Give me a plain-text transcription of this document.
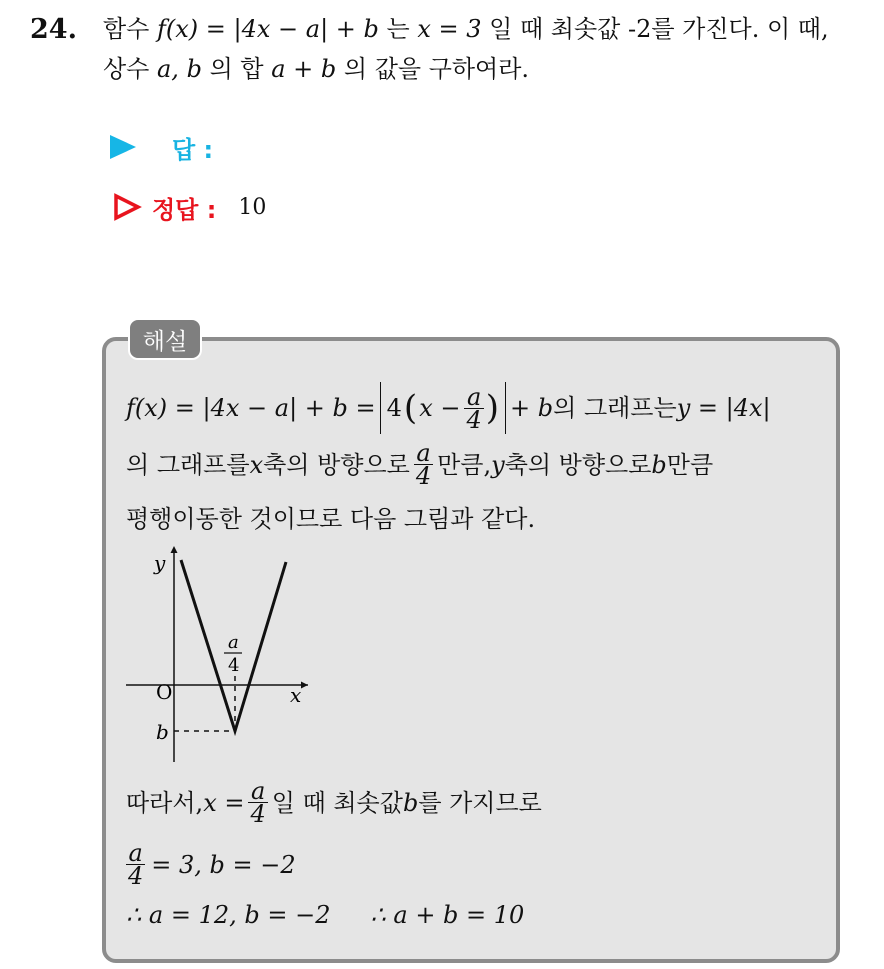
24. 함수 f(x) = |4x − a| + b 는 x = 3 일 때 최솟값 -2를 가진다. 이 때,
상수 a, b 의 합 a + b 의 값을 구하여라.
답 :
정답 : 10
해설
f(x) = |4x − a| + b = 4 ( $x - \frac{a}{4}$ ) + b 의 그래프는 y = |4x|
의 그래프를 x 축의 방향으로 $\frac{a}{4}$ 만큼, y 축의 방향으로 b 만큼
평행이동한 것이므로 다음 그림과 같다.
y
x
O
b
a
4
따라서, $x = \frac{a}{4}$ 일 때 최솟값 b 를 가지므로
$\frac{a}{4} = 3$, b = −2
∴ a = 12, b = −2 ∴ a + b = 10
